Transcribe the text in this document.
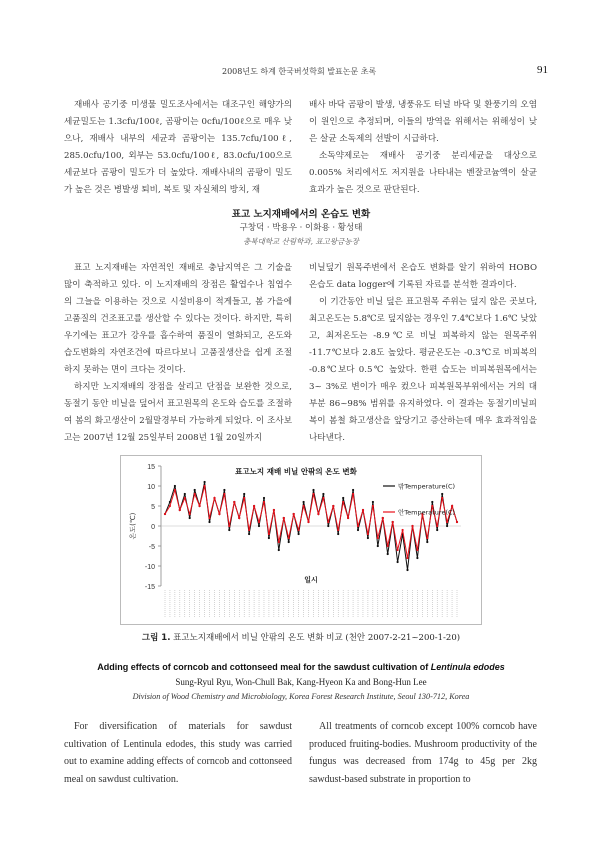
2008년도 하계 한국버섯학회 발표논문 초록	91

재배사 공기중 미생물 밀도조사에서는 대조구인 해양가의 세균밀도는 1.3cfu/100ℓ, 곰팡이는 0cfu/100ℓ으로 매우 낮으나, 재배사 내부의 세균과 곰팡이는 135.7cfu/100ℓ, 285.0cfu/100, 외부는 53.0cfu/100ℓ, 83.0cfu/100으로 세균보다 곰팡이 밀도가 더 높았다. 재배사내의 곰팡이 밀도가 높은 것은 병발생 퇴비, 복토 및 자실체의 방치, 재

배사 바닥 곰팡이 발생, 냉풍유도 터널 바닥 및 환풍기의 오염이 원인으로 추정되며, 이들의 방역을 위해서는 위해성이 낮은 살균 소독제의 선발이 시급하다.

소독약제로는 재배사 공기중 분리세균을 대상으로 0.005% 처리에서도 저지원을 나타내는 벤잘코늄액이 살균효과가 높은 것으로 판단된다.

표고 노지재배에서의 온습도 변화
구창덕 · 박용우 · 이화용 · 황성태
충북대학교 산림학과, 표고왕금농장

표고 노지재배는 자연적인 재배로 충남지역은 그 기술을 많이 축적하고 있다. 이 노지재배의 장점은 활엽수나 침엽수의 그늘을 이용하는 것으로 시설비용이 적게들고, 봄 가을에 고품질의 건조표고를 생산할 수 있다는 것이다. 하지만, 특히 우기에는 표고가 강우를 흡수하여 품질이 열화되고, 온도와 습도변화의 자연조건에 따르다보니 고품질생산을 쉽게 조절하지 못하는 면이 크다는 것이다.

하지만 노지재배의 장점을 살리고 단점을 보완한 것으로, 동절기 동안 비닐을 덮어서 표고원목의 온도와 습도를 조절하여 봄의 화고생산이 2월말경부터 가능하게 되었다. 이 조사보고는 2007년 12월 25일부터 2008년 1월 20일까지

비닐덮기 원목주변에서 온습도 변화를 알기 위하여 HOBO 온습도 data logger에 기록된 자료를 분석한 결과이다.

이 기간동안 비닐 덮은 표고원목 주위는 덮지 않은 곳보다, 최고온도는 5.8℃로 덮지않는 경우인 7.4℃보다 1.6℃ 낮았고, 최저온도는 -8.9℃로 비닐 피복하지 않는 원목주위 -11.7℃보다 2.8도 높았다. 평균온도는 -0.3℃로 비피복의 -0.8℃보다 0.5℃ 높았다. 한편 습도는 비피복원목에서는 3~ 3%로 변이가 매우 컸으나 피복원목부위에서는 거의 대부분 86~98% 범위를 유지하였다. 이 결과는 동절기비닐피복이 봄철 화고생산을 앞당기고 증산하는데 매우 효과적임을 나타낸다.

15
10
5
0
-5
-10
-15
온도(℃)
일시
표고노지 재배 비닐 안팎의 온도 변화
밖Temperature(C)
안Temperature(C)
그림 1. 표고노지재배에서 비닐 안팎의 온도 변화 비교 (천안 2007-2-21~200-1-20)
Adding effects of corncob and cottonseed meal for the sawdust cultivation of Lentinula edodes
Sung-Ryul Ryu, Won-Chull Bak, Kang-Hyeon Ka and Bong-Hun Lee
Division of Wood Chemistry and Microbiology, Korea Forest Research Institute, Seoul 130-712, Korea

For diversification of materials for sawdust cultivation of Lentinula edodes, this study was carried out to examine adding effects of corncob and cottonseed meal on sawdust cultivation.

All treatments of corncob except 100% corncob have produced fruiting-bodies. Mushroom productivity of the fungus was decreased from 174g to 45g per 2kg sawdust-based substrate in proportion to
